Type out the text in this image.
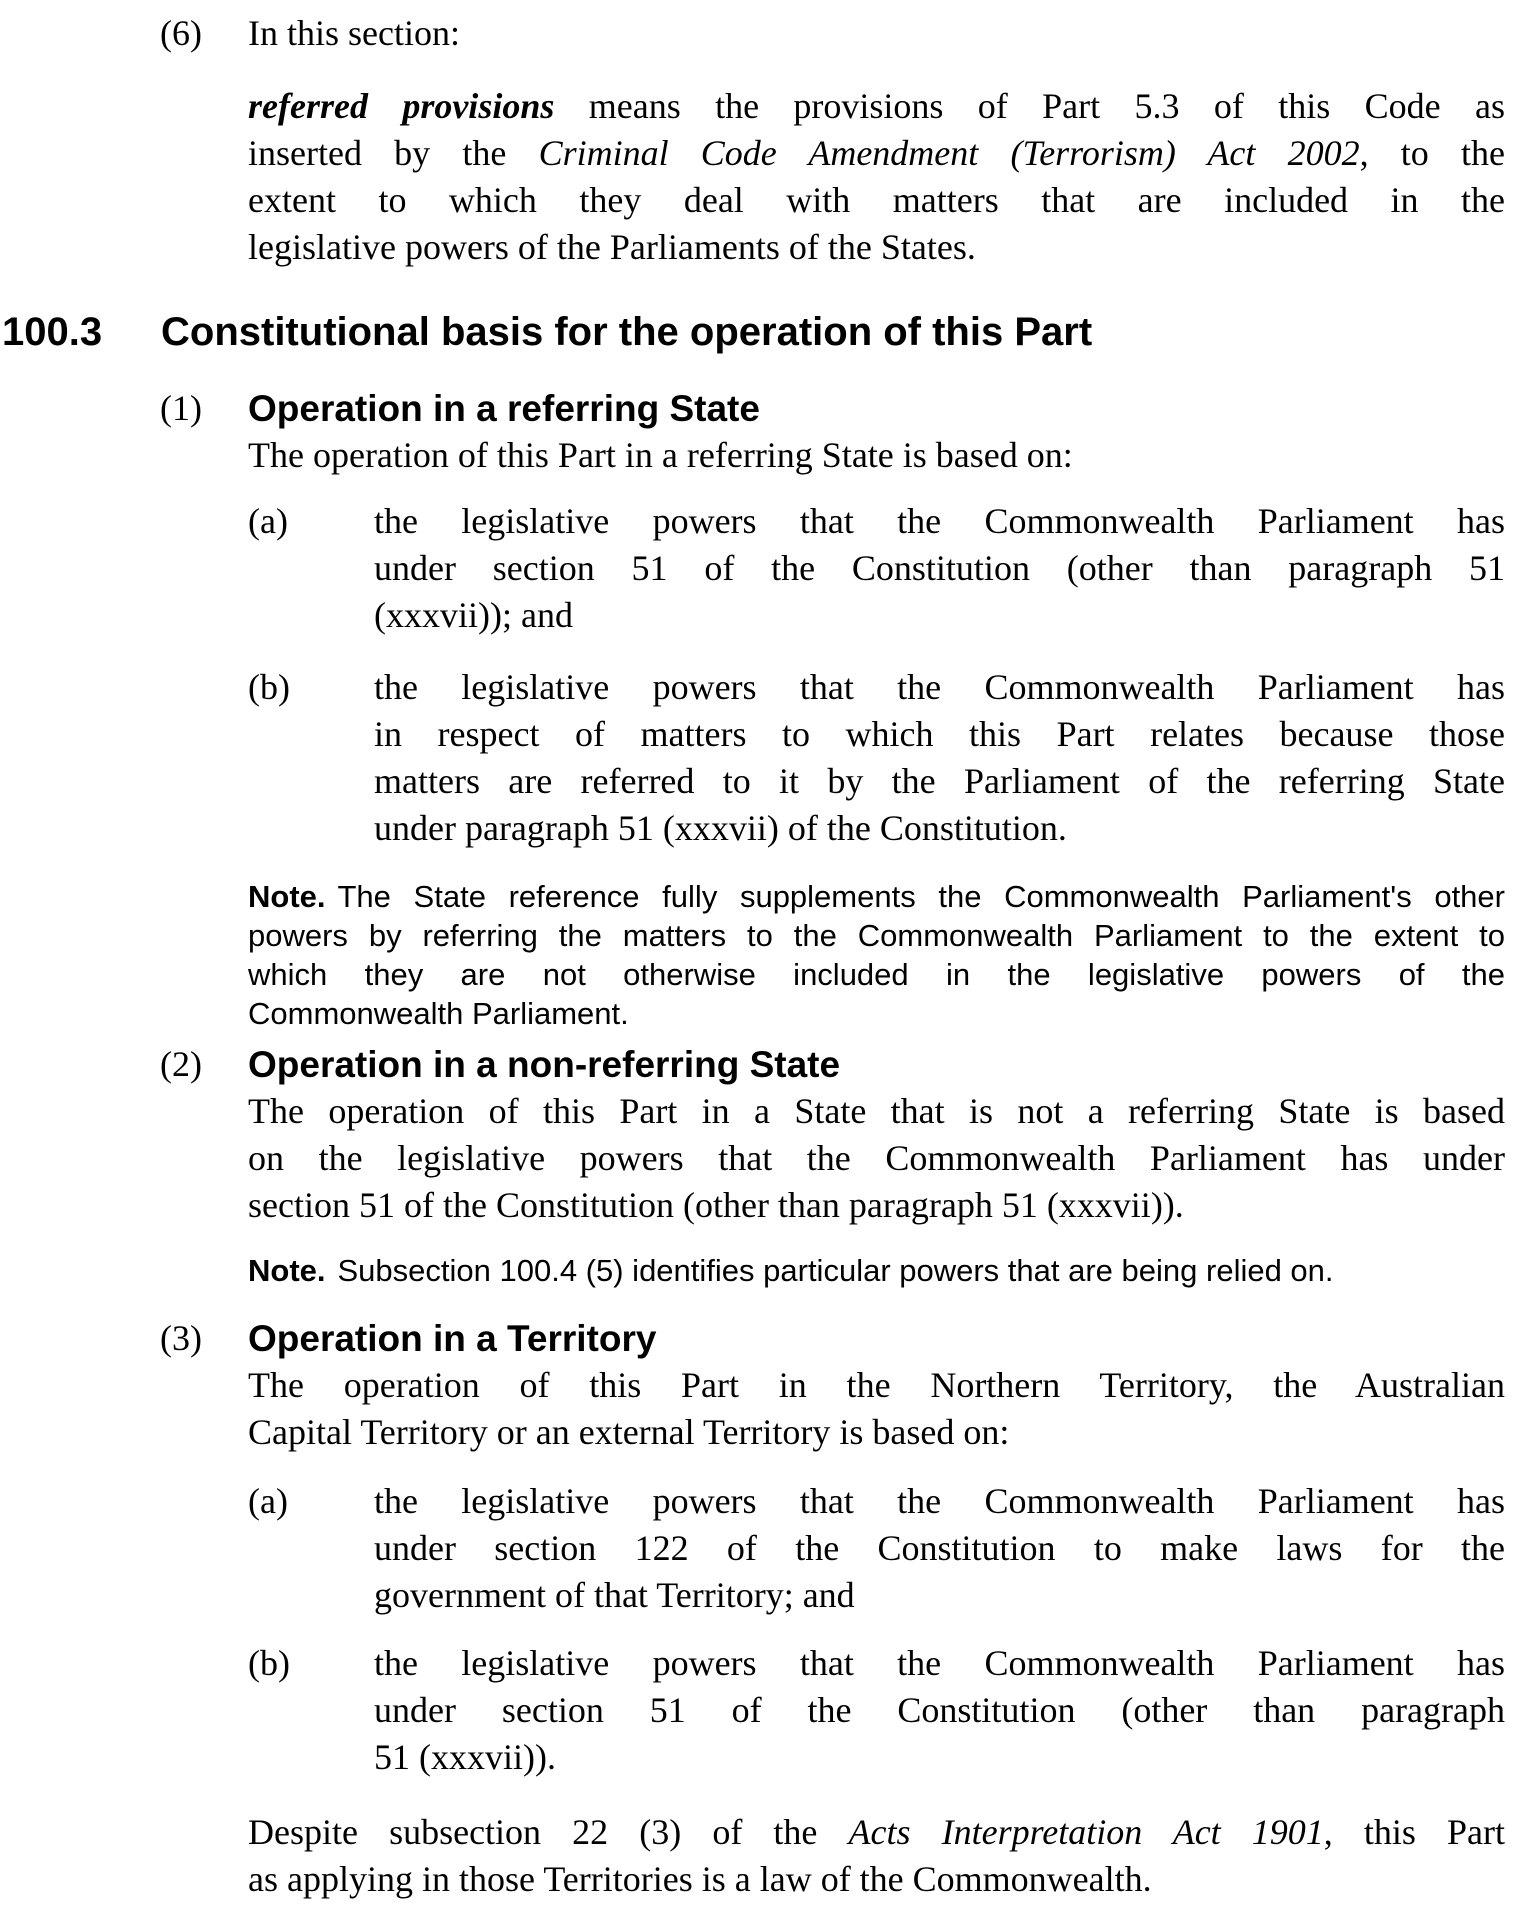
(6)	In this section:
referred provisions means the provisions of Part 5.3 of this Code as
inserted by the Criminal Code Amendment (Terrorism) Act 2002, to the
extent to which they deal with matters that are included in the
legislative powers of the Parliaments of the States.
100.3	Constitutional basis for the operation of this Part
(1)	Operation in a referring State
The operation of this Part in a referring State is based on:
(a)	the legislative powers that the Commonwealth Parliament has
under section 51 of the Constitution (other than paragraph 51
(xxxvii)); and
(b)	the legislative powers that the Commonwealth Parliament has
in respect of matters to which this Part relates because those
matters are referred to it by the Parliament of the referring State
under paragraph 51 (xxxvii) of the Constitution.
Note. The State reference fully supplements the Commonwealth Parliament's other
powers by referring the matters to the Commonwealth Parliament to the extent to
which they are not otherwise included in the legislative powers of the
Commonwealth Parliament.
(2)	Operation in a non-referring State
The operation of this Part in a State that is not a referring State is based
on the legislative powers that the Commonwealth Parliament has under
section 51 of the Constitution (other than paragraph 51 (xxxvii)).
Note. Subsection 100.4 (5) identifies particular powers that are being relied on.
(3)	Operation in a Territory
The operation of this Part in the Northern Territory, the Australian
Capital Territory or an external Territory is based on:
(a)	the legislative powers that the Commonwealth Parliament has
under section 122 of the Constitution to make laws for the
government of that Territory; and
(b)	the legislative powers that the Commonwealth Parliament has
under section 51 of the Constitution (other than paragraph
51 (xxxvii)).
Despite subsection 22 (3) of the Acts Interpretation Act 1901, this Part
as applying in those Territories is a law of the Commonwealth.
